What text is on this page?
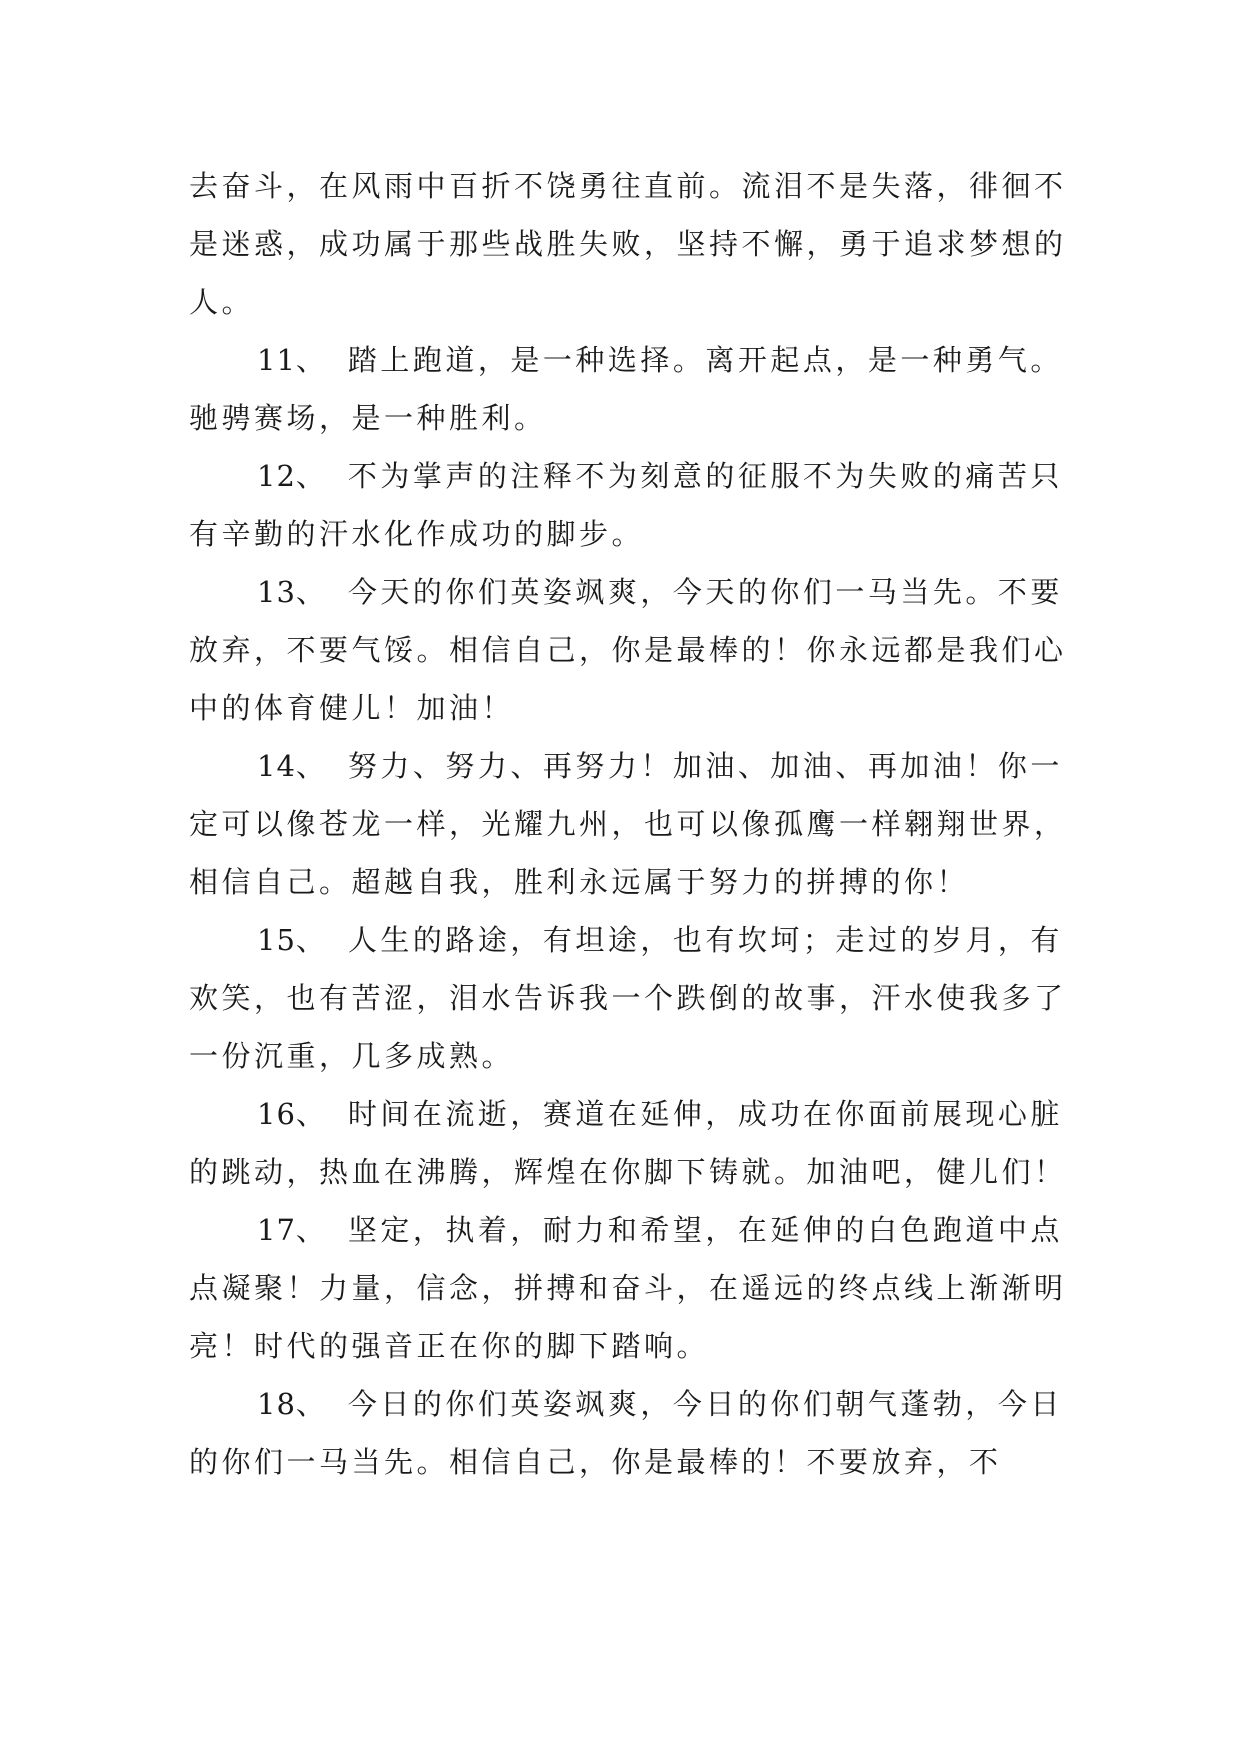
去奋斗，在风雨中百折不饶勇往直前。流泪不是失落，徘徊不是迷惑，成功属于那些战胜失败，坚持不懈，勇于追求梦想的人。

11、 踏上跑道，是一种选择。离开起点，是一种勇气。驰骋赛场，是一种胜利。

12、 不为掌声的注释不为刻意的征服不为失败的痛苦只有辛勤的汗水化作成功的脚步。

13、 今天的你们英姿飒爽，今天的你们一马当先。不要放弃，不要气馁。相信自己，你是最棒的！你永远都是我们心中的体育健儿！加油！

14、 努力、努力、再努力！加油、加油、再加油！你一定可以像苍龙一样，光耀九州，也可以像孤鹰一样翱翔世界，相信自己。超越自我，胜利永远属于努力的拼搏的你！

15、 人生的路途，有坦途，也有坎坷；走过的岁月，有欢笑，也有苦涩，泪水告诉我一个跌倒的故事，汗水使我多了一份沉重，几多成熟。

16、 时间在流逝，赛道在延伸，成功在你面前展现心脏的跳动，热血在沸腾，辉煌在你脚下铸就。加油吧，健儿们！

17、 坚定，执着，耐力和希望，在延伸的白色跑道中点点凝聚！力量，信念，拼搏和奋斗，在遥远的终点线上渐渐明亮！时代的强音正在你的脚下踏响。

18、 今日的你们英姿飒爽，今日的你们朝气蓬勃，今日的你们一马当先。相信自己，你是最棒的！不要放弃，不
